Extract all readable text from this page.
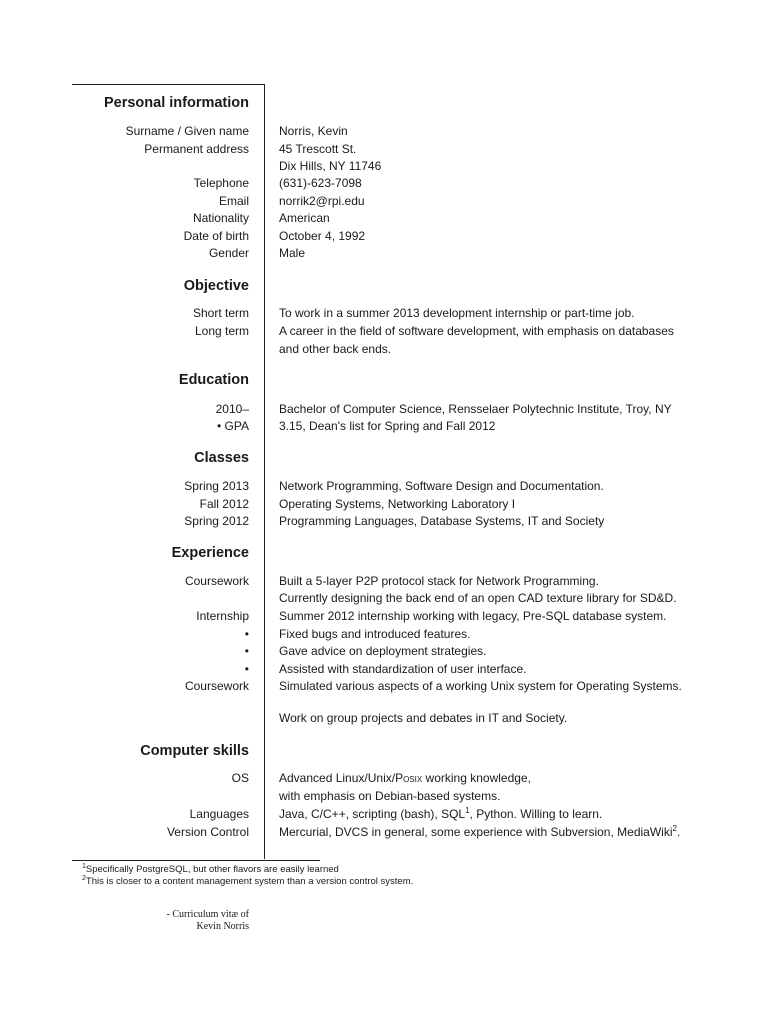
Personal information
Surname / Given name	Norris, Kevin
Permanent address	45 Trescott St.
Dix Hills, NY 11746
Telephone	(631)-623-7098
Email	norrik2@rpi.edu
Nationality	American
Date of birth	October 4, 1992
Gender	Male
Objective
Short term	To work in a summer 2013 development internship or part-time job.
Long term	A career in the field of software development, with emphasis on databases
and other back ends.
Education
2010–	Bachelor of Computer Science, Rensselaer Polytechnic Institute, Troy, NY
• GPA	3.15, Dean's list for Spring and Fall 2012
Classes
Spring 2013	Network Programming, Software Design and Documentation.
Fall 2012	Operating Systems, Networking Laboratory I
Spring 2012	Programming Languages, Database Systems, IT and Society
Experience
Coursework	Built a 5-layer P2P protocol stack for Network Programming.
Currently designing the back end of an open CAD texture library for SD&D.
Internship	Summer 2012 internship working with legacy, Pre-SQL database system.
•	Fixed bugs and introduced features.
•	Gave advice on deployment strategies.
•	Assisted with standardization of user interface.
Coursework	Simulated various aspects of a working Unix system for Operating Systems.
Work on group projects and debates in IT and Society.
Computer skills
OS	Advanced Linux/Unix/Posix working knowledge,
with emphasis on Debian-based systems.
Languages	Java, C/C++, scripting (bash), SQL$^1$, Python. Willing to learn.
Version Control	Mercurial, DVCS in general, some experience with Subversion, MediaWiki$^2$.
$^1$Specifically PostgreSQL, but other flavors are easily learned
$^2$This is closer to a content management system than a version control system.
- Curriculum vitæ of
Kevin Norris
